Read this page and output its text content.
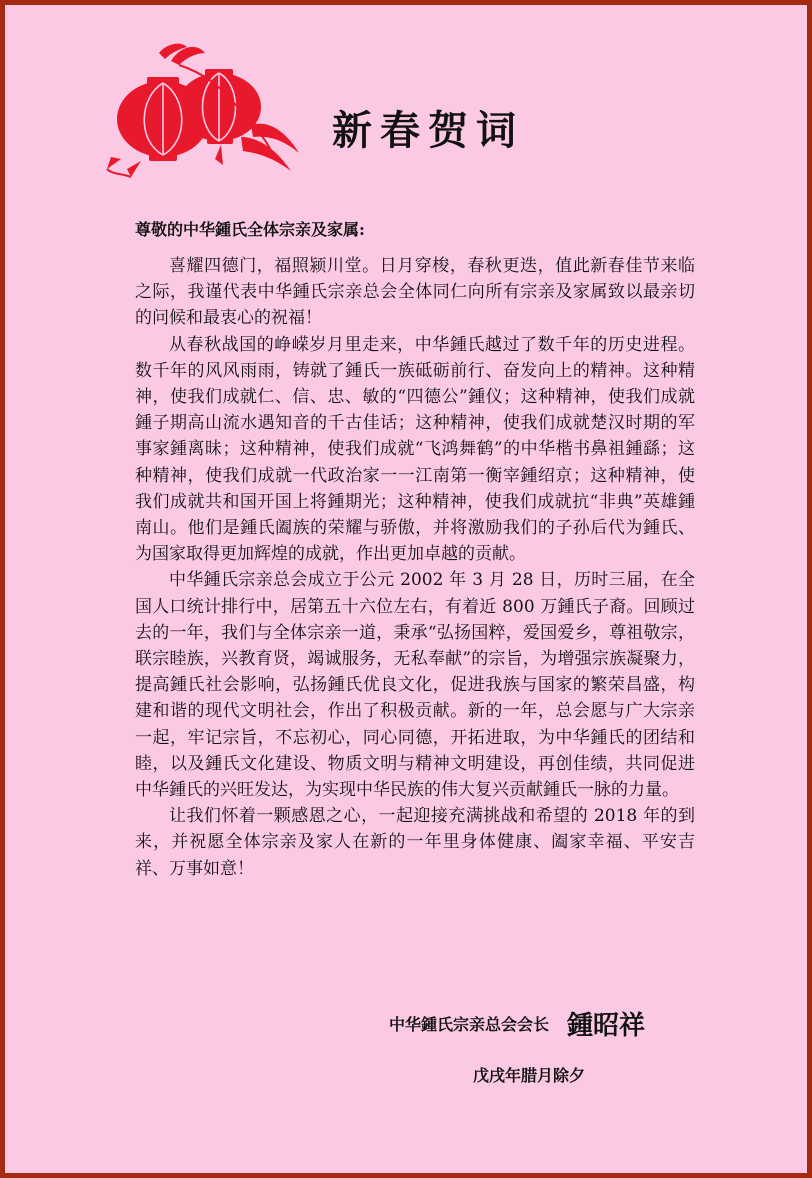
新春贺词
尊敬的中华鍾氏全体宗亲及家属:

喜耀四德门，福照颍川堂。日月穿梭，春秋更迭，值此新春佳节来临之际，我谨代表中华鍾氏宗亲总会全体同仁向所有宗亲及家属致以最亲切的问候和最衷心的祝福！

从春秋战国的峥嵘岁月里走来，中华鍾氏越过了数千年的历史进程。数千年的风风雨雨，铸就了鍾氏一族砥砺前行、奋发向上的精神。这种精神，使我们成就仁、信、忠、敏的“四德公”鍾仪；这种精神，使我们成就鍾子期高山流水遇知音的千古佳话；这种精神，使我们成就楚汉时期的军事家鍾离昧；这种精神，使我们成就“飞鸿舞鹤”的中华楷书鼻祖鍾繇；这种精神，使我们成就一代政治家一一江南第一衡宰鍾绍京；这种精神，使我们成就共和国开国上将鍾期光；这种精神，使我们成就抗“非典”英雄鍾南山。他们是鍾氏阖族的荣耀与骄傲，并将激励我们的子孙后代为鍾氏、为国家取得更加辉煌的成就，作出更加卓越的贡献。

中华鍾氏宗亲总会成立于公元 2002 年 3 月 28 日，历时三届，在全国人口统计排行中，居第五十六位左右，有着近 800 万鍾氏子裔。回顾过去的一年，我们与全体宗亲一道，秉承“弘扬国粹，爱国爱乡，尊祖敬宗，联宗睦族，兴教育贤，竭诚服务，无私奉献”的宗旨，为增强宗族凝聚力，提高鍾氏社会影响，弘扬鍾氏优良文化，促进我族与国家的繁荣昌盛，构建和谐的现代文明社会，作出了积极贡献。新的一年，总会愿与广大宗亲一起，牢记宗旨，不忘初心，同心同德，开拓进取，为中华鍾氏的团结和睦，以及鍾氏文化建设、物质文明与精神文明建设，再创佳绩，共同促进中华鍾氏的兴旺发达，为实现中华民族的伟大复兴贡献鍾氏一脉的力量。

让我们怀着一颗感恩之心，一起迎接充满挑战和希望的 2018 年的到来，并祝愿全体宗亲及家人在新的一年里身体健康、阖家幸福、平安吉祥、万事如意！

中华鍾氏宗亲总会会长 鍾昭祥
戊戌年腊月除夕
